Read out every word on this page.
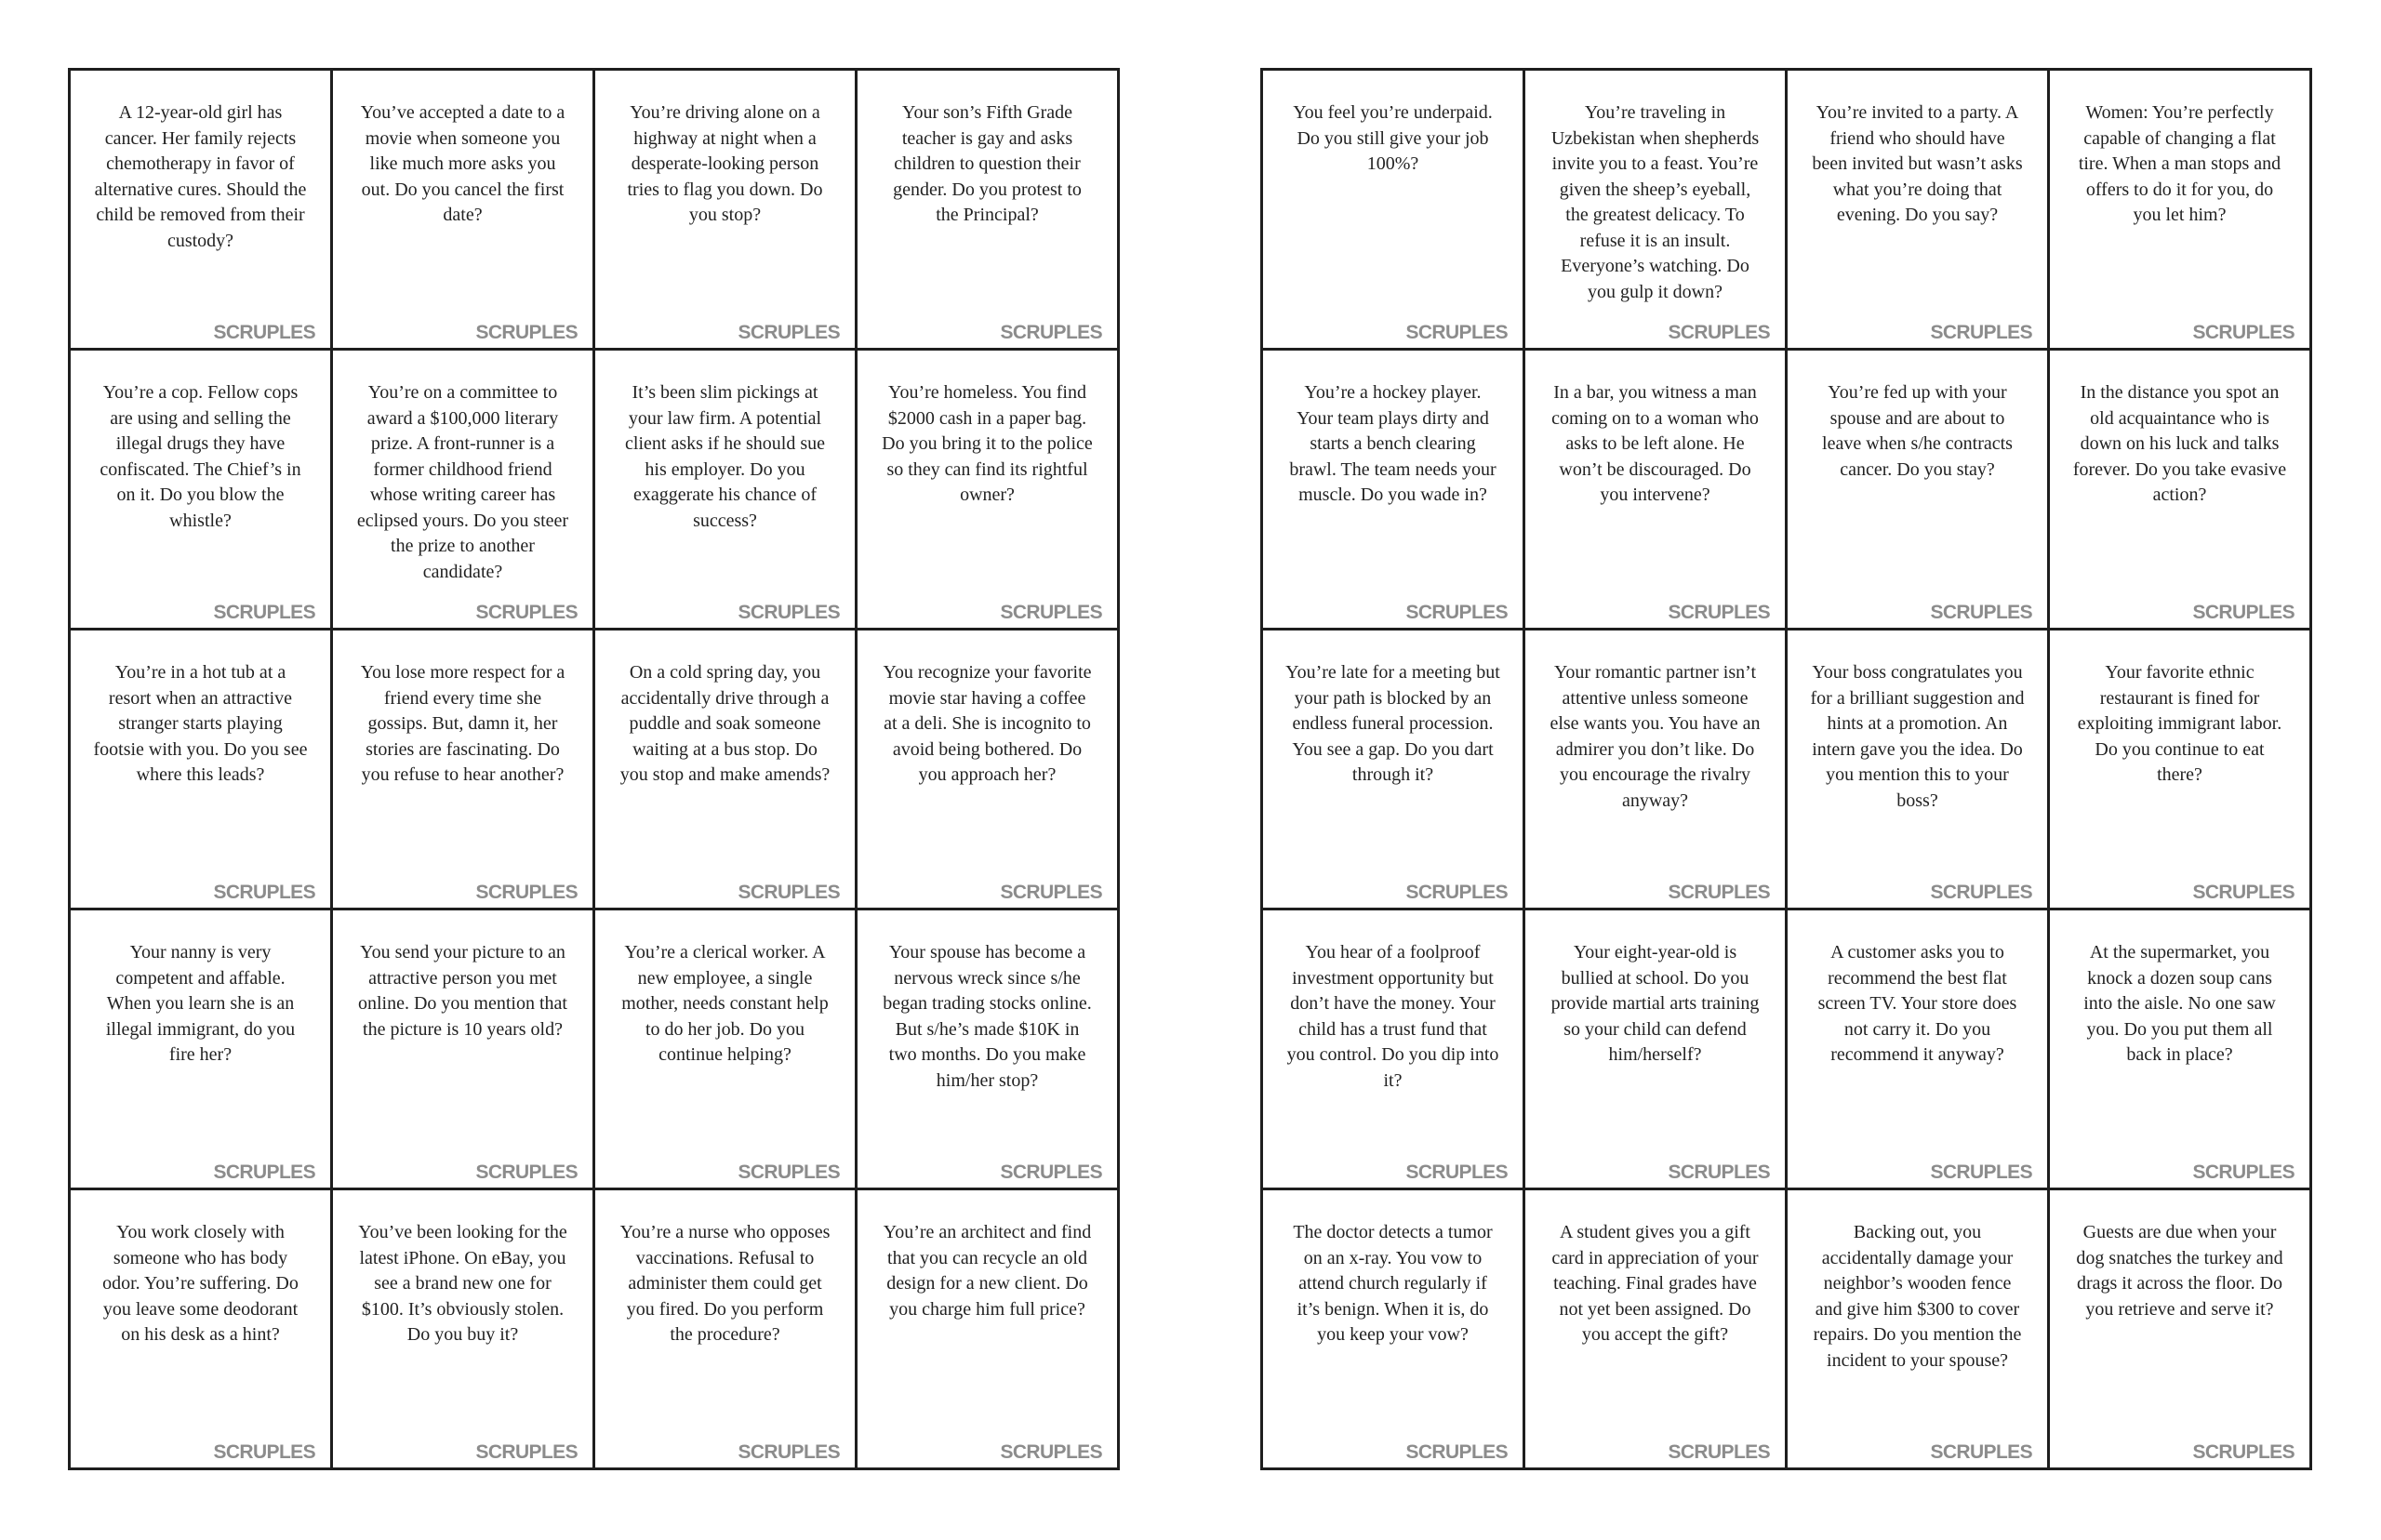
A 12-year-old girl has cancer. Her family rejects chemotherapy in favor of alternative cures. Should the child be removed from their custody?

SCRUPLES

You’ve accepted a date to a movie when someone you like much more asks you out. Do you cancel the first date?

SCRUPLES

You’re driving alone on a highway at night when a desperate-looking person tries to flag you down. Do you stop?

SCRUPLES

Your son’s Fifth Grade teacher is gay and asks children to question their gender. Do you protest to the Principal?

SCRUPLES

You’re a cop. Fellow cops are using and selling the illegal drugs they have confiscated. The Chief’s in on it. Do you blow the whistle?

SCRUPLES

You’re on a committee to award a $100,000 literary prize. A front-runner is a former childhood friend whose writing career has eclipsed yours. Do you steer the prize to another candidate?

SCRUPLES

It’s been slim pickings at your law firm. A potential client asks if he should sue his employer. Do you exaggerate his chance of success?

SCRUPLES

You’re homeless. You find $2000 cash in a paper bag. Do you bring it to the police so they can find its rightful owner?

SCRUPLES

You’re in a hot tub at a resort when an attractive stranger starts playing footsie with you. Do you see where this leads?

SCRUPLES

You lose more respect for a friend every time she gossips. But, damn it, her stories are fascinating. Do you refuse to hear another?

SCRUPLES

On a cold spring day, you accidentally drive through a puddle and soak someone waiting at a bus stop. Do you stop and make amends?

SCRUPLES

You recognize your favorite movie star having a coffee at a deli. She is incognito to avoid being bothered. Do you approach her?

SCRUPLES

Your nanny is very competent and affable. When you learn she is an illegal immigrant, do you fire her?

SCRUPLES

You send your picture to an attractive person you met online. Do you mention that the picture is 10 years old?

SCRUPLES

You’re a clerical worker. A new employee, a single mother, needs constant help to do her job. Do you continue helping?

SCRUPLES

Your spouse has become a nervous wreck since s/he began trading stocks online. But s/he’s made $10K in two months. Do you make him/her stop?

SCRUPLES

You work closely with someone who has body odor. You’re suffering. Do you leave some deodorant on his desk as a hint?

SCRUPLES

You’ve been looking for the latest iPhone. On eBay, you see a brand new one for $100. It’s obviously stolen. Do you buy it?

SCRUPLES

You’re a nurse who opposes vaccinations. Refusal to administer them could get you fired. Do you perform the procedure?

SCRUPLES

You’re an architect and find that you can recycle an old design for a new client. Do you charge him full price?

SCRUPLES

You feel you’re underpaid. Do you still give your job 100%?

SCRUPLES

You’re traveling in Uzbekistan when shepherds invite you to a feast. You’re given the sheep’s eyeball, the greatest delicacy. To refuse it is an insult. Everyone’s watching. Do you gulp it down?

SCRUPLES

You’re invited to a party. A friend who should have been invited but wasn’t asks what you’re doing that evening. Do you say?

SCRUPLES

Women: You’re perfectly capable of changing a flat tire. When a man stops and offers to do it for you, do you let him?

SCRUPLES

You’re a hockey player. Your team plays dirty and starts a bench clearing brawl. The team needs your muscle. Do you wade in?

SCRUPLES

In a bar, you witness a man coming on to a woman who asks to be left alone. He won’t be discouraged. Do you intervene?

SCRUPLES

You’re fed up with your spouse and are about to leave when s/he contracts cancer. Do you stay?

SCRUPLES

In the distance you spot an old acquaintance who is down on his luck and talks forever. Do you take evasive action?

SCRUPLES

You’re late for a meeting but your path is blocked by an endless funeral procession. You see a gap. Do you dart through it?

SCRUPLES

Your romantic partner isn’t attentive unless someone else wants you. You have an admirer you don’t like. Do you encourage the rivalry anyway?

SCRUPLES

Your boss congratulates you for a brilliant suggestion and hints at a promotion. An intern gave you the idea. Do you mention this to your boss?

SCRUPLES

Your favorite ethnic restaurant is fined for exploiting immigrant labor. Do you continue to eat there?

SCRUPLES

You hear of a foolproof investment opportunity but don’t have the money. Your child has a trust fund that you control. Do you dip into it?

SCRUPLES

Your eight-year-old is bullied at school. Do you provide martial arts training so your child can defend him/herself?

SCRUPLES

A customer asks you to recommend the best flat screen TV. Your store does not carry it. Do you recommend it anyway?

SCRUPLES

At the supermarket, you knock a dozen soup cans into the aisle. No one saw you. Do you put them all back in place?

SCRUPLES

The doctor detects a tumor on an x-ray. You vow to attend church regularly if it’s benign. When it is, do you keep your vow?

SCRUPLES

A student gives you a gift card in appreciation of your teaching. Final grades have not yet been assigned. Do you accept the gift?

SCRUPLES

Backing out, you accidentally damage your neighbor’s wooden fence and give him $300 to cover repairs. Do you mention the incident to your spouse?

SCRUPLES

Guests are due when your dog snatches the turkey and drags it across the floor. Do you retrieve and serve it?

SCRUPLES
